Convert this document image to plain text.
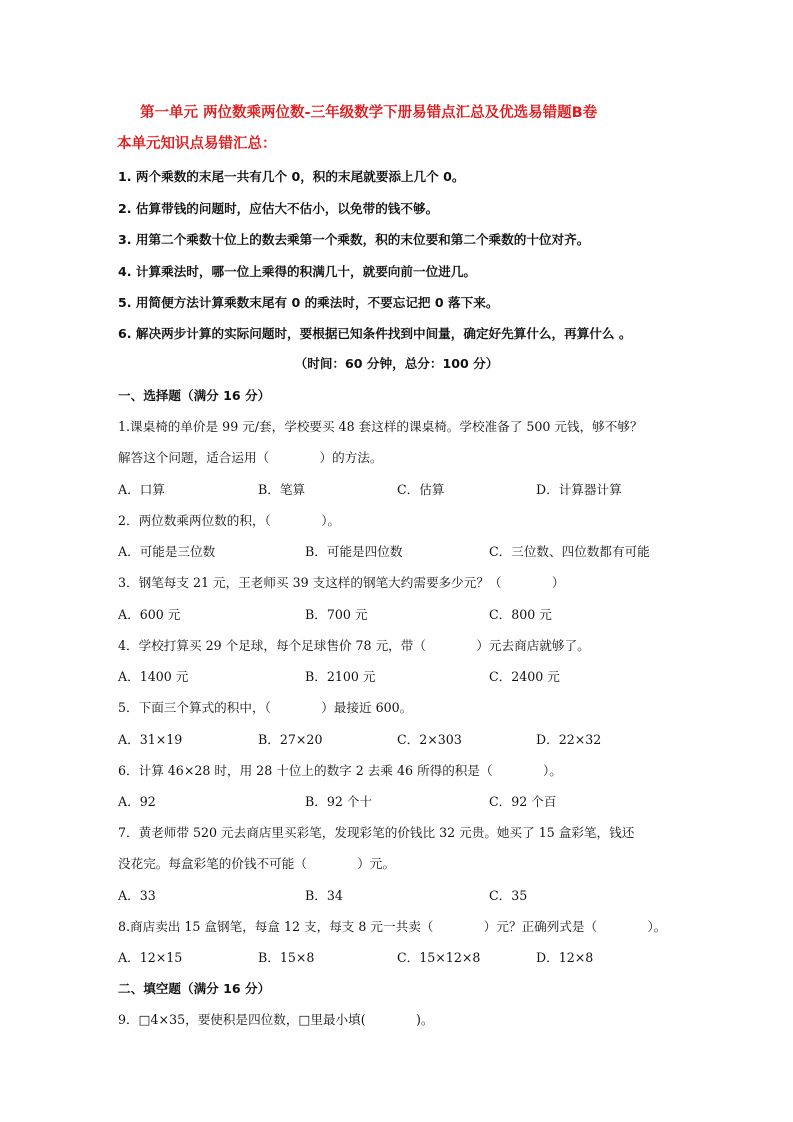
第一单元 两位数乘两位数-三年级数学下册易错点汇总及优选易错题B卷
本单元知识点易错汇总：
1. 两个乘数的末尾一共有几个 0，积的末尾就要添上几个 0。
2. 估算带钱的问题时，应估大不估小，以免带的钱不够。
3. 用第二个乘数十位上的数去乘第一个乘数，积的末位要和第二个乘数的十位对齐。
4. 计算乘法时，哪一位上乘得的积满几十，就要向前一位进几。
5. 用简便方法计算乘数末尾有 0 的乘法时，不要忘记把 0 落下来。
6. 解决两步计算的实际问题时，要根据已知条件找到中间量，确定好先算什么，再算什么 。
（时间：60 分钟，总分：100 分）
一、选择题（满分 16 分）
1.课桌椅的单价是 99 元/套，学校要买 48 套这样的课桌椅。学校准备了 500 元钱，够不够？
解答这个问题，适合运用（　　　　）的方法。
A．口算	B．笔算	C．估算	D．计算器计算
2．两位数乘两位数的积，（　　　　）。
A．可能是三位数	B．可能是四位数	C．三位数、四位数都有可能
3．钢笔每支 21 元，王老师买 39 支这样的钢笔大约需要多少元？（　　　　）
A．600 元	B．700 元	C．800 元
4．学校打算买 29 个足球，每个足球售价 78 元，带（　　　　）元去商店就够了。
A．1400 元	B．2100 元	C．2400 元
5．下面三个算式的积中，（　　　　）最接近 600。
A．31×19	B．27×20	C．2×303	D．22×32
6．计算 46×28 时，用 28 十位上的数字 2 去乘 46 所得的积是（　　　　）。
A．92	B．92 个十	C．92 个百
7．黄老师带 520 元去商店里买彩笔，发现彩笔的价钱比 32 元贵。她买了 15 盒彩笔，钱还
没花完。每盒彩笔的价钱不可能（　　　　）元。
A．33	B．34	C．35
8.商店卖出 15 盒钢笔，每盒 12 支，每支 8 元一共卖（　　　　）元？正确列式是（　　　　）。
A．12×15	B．15×8	C．15×12×8	D．12×8
二、填空题（满分 16 分）
9．□4×35，要使积是四位数，□里最小填(　　　　)。
